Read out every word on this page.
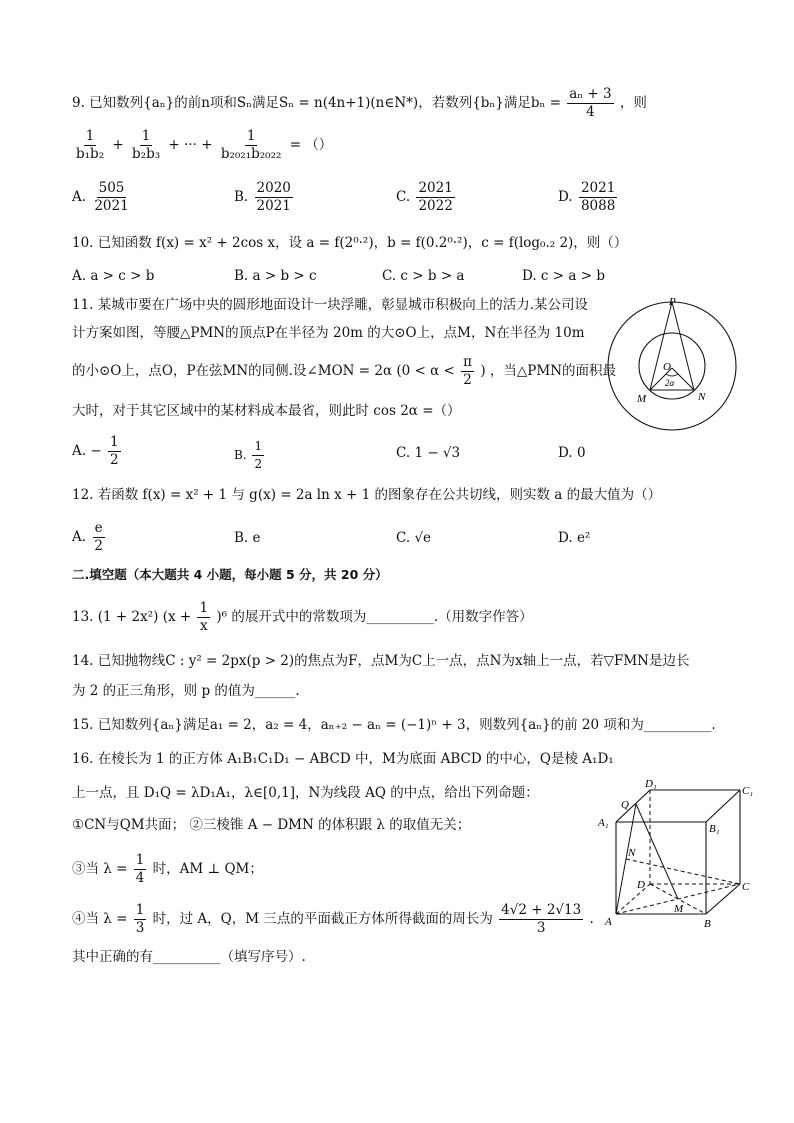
9. 已知数列{aₙ}的前n项和Sₙ满足Sₙ = n(4n+1)(n∈N*)，若数列{bₙ}满足$b_n = \frac{\text{aₙ + 3}}{4}$ ，则
$\frac{1}{\text{b₁b₂}} + \frac{1}{\text{b₂b₃}}$ + ··· + $\frac{1}{\text{b₂₀₂₁b₂₀₂₂}}$ = （）
A. $\frac{505}{2021}$	B. $\frac{2020}{2021}$	C. $\frac{2021}{2022}$	D. $\frac{2021}{8088}$
10. 已知函数 f(x) = x² + 2cos x，设 a = f(2⁰·²)，b = f(0.2⁰·²)，c = f(log₀.₂ 2)，则（）
A. a > c > b	B. a > b > c	C. c > b > a	D. c > a > b
11. 某城市要在广场中央的圆形地面设计一块浮雕，彰显城市积极向上的活力.某公司设
计方案如图，等腰△PMN的顶点P在半径为 20m 的大⊙O上，点M，N在半径为 10m
的小⊙O上，点O，P在弦MN的同侧.设∠MON = 2α ($0 < \alpha < \frac{\pi}{2}$ ) ，当△PMN的面积最
大时，对于其它区域中的某材料成本最省，则此时 cos 2α =（）
P
O
M	N
2α
A. − $\frac{1}{2}$	B. $\frac{1}{2}$	C. 1 − √3	D. 0
12. 若函数 f(x) = x² + 1 与 g(x) = 2a ln x + 1 的图象存在公共切线，则实数 a 的最大值为（）
A. $\frac{e}{2}$	B. e	C. √e	D. e²
二.填空题（本大题共 4 小题，每小题 5 分，共 20 分）
13. (1 + 2x²) $(x + \frac{1}{x} )^6$ 的展开式中的常数项为__________.（用数字作答）
14. 已知抛物线C : y² = 2px(p > 2)的焦点为F，点M为C上一点，点N为x轴上一点，若▽FMN是边长
为 2 的正三角形，则 p 的值为______.
15. 已知数列{aₙ}满足a₁ = 2，a₂ = 4，aₙ₊₂ − aₙ = (−1)ⁿ + 3，则数列{aₙ}的前 20 项和为__________.
16. 在棱长为 1 的正方体 A₁B₁C₁D₁ − ABCD 中，M为底面 ABCD 的中心，Q是棱 A₁D₁
上一点，且 D₁Q = λD₁A₁，λ∈[0,1]，N为线段 AQ 的中点，给出下列命题：
①CN与QM共面； ②三棱锥 A − DMN 的体积跟 λ 的取值无关；
③当 $\lambda = \frac{1}{4}$ 时，AM ⊥ QM；
④当 $\lambda = \frac{1}{3}$ 时，过 A，Q，M 三点的平面截正方体所得截面的周长为 $\frac{4√2 + 2√13}{3}$ .
其中正确的有__________（填写序号）.
D₁
C₁
A₁	B₁
Q
N
D	C
A	B
M
